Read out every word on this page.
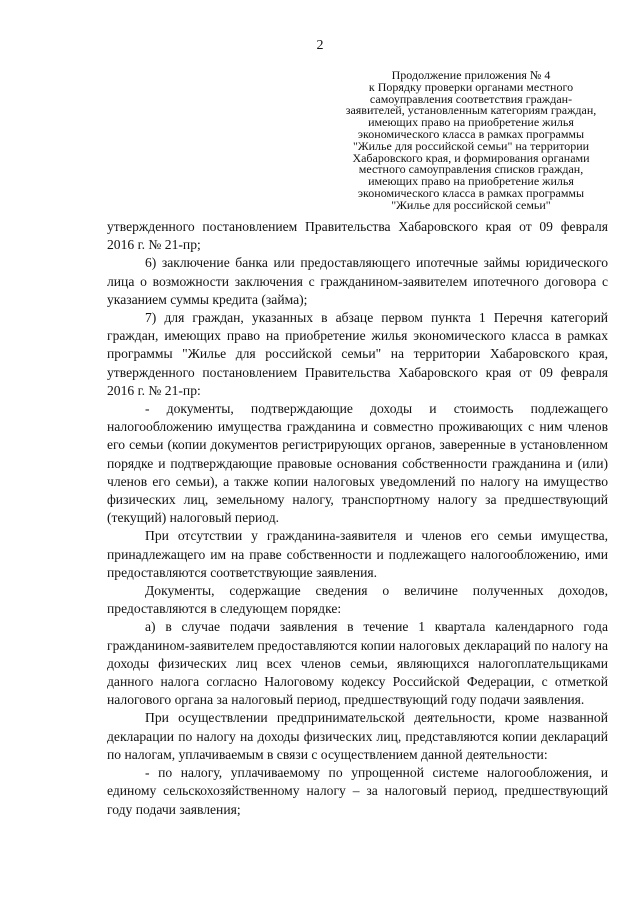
2
Продолжение приложения № 4
к Порядку проверки органами местного
самоуправления соответствия граждан-
заявителей, установленным категориям граждан,
имеющих право на приобретение жилья
экономического класса в рамках программы
"Жилье для российской семьи" на территории
Хабаровского края, и формирования органами
местного самоуправления списков граждан,
имеющих право на приобретение жилья
экономического класса в рамках программы
"Жилье для российской семьи"

утвержденного постановлением Правительства Хабаровского края от 09 февраля 2016 г. № 21-пр;

6) заключение банка или предоставляющего ипотечные займы юридического лица о возможности заключения с гражданином-заявителем ипотечного договора с указанием суммы кредита (займа);

7) для граждан, указанных в абзаце первом пункта 1 Перечня категорий граждан, имеющих право на приобретение жилья экономического класса в рамках программы "Жилье для российской семьи" на территории Хабаровского края, утвержденного постановлением Правительства Хабаровского края от 09 февраля 2016 г. № 21-пр:

- документы, подтверждающие доходы и стоимость подлежащего налогообложению имущества гражданина и совместно проживающих с ним членов его семьи (копии документов регистрирующих органов, заверенные в установленном порядке и подтверждающие правовые основания собственности гражданина и (или) членов его семьи), а также копии налоговых уведомлений по налогу на имущество физических лиц, земельному налогу, транспортному налогу за предшествующий (текущий) налоговый период.

При отсутствии у гражданина-заявителя и членов его семьи имущества, принадлежащего им на праве собственности и подлежащего налогообложению, ими предоставляются соответствующие заявления.

Документы, содержащие сведения о величине полученных доходов, предоставляются в следующем порядке:

а) в случае подачи заявления в течение 1 квартала календарного года гражданином-заявителем предоставляются копии налоговых деклараций по налогу на доходы физических лиц всех членов семьи, являющихся налогоплательщиками данного налога согласно Налоговому кодексу Российской Федерации, с отметкой налогового органа за налоговый период, предшествующий году подачи заявления.

При осуществлении предпринимательской деятельности, кроме названной декларации по налогу на доходы физических лиц, представляются копии деклараций по налогам, уплачиваемым в связи с осуществлением данной деятельности:

- по налогу, уплачиваемому по упрощенной системе налогообложения, и единому сельскохозяйственному налогу – за налоговый период, предшествующий году подачи заявления;
